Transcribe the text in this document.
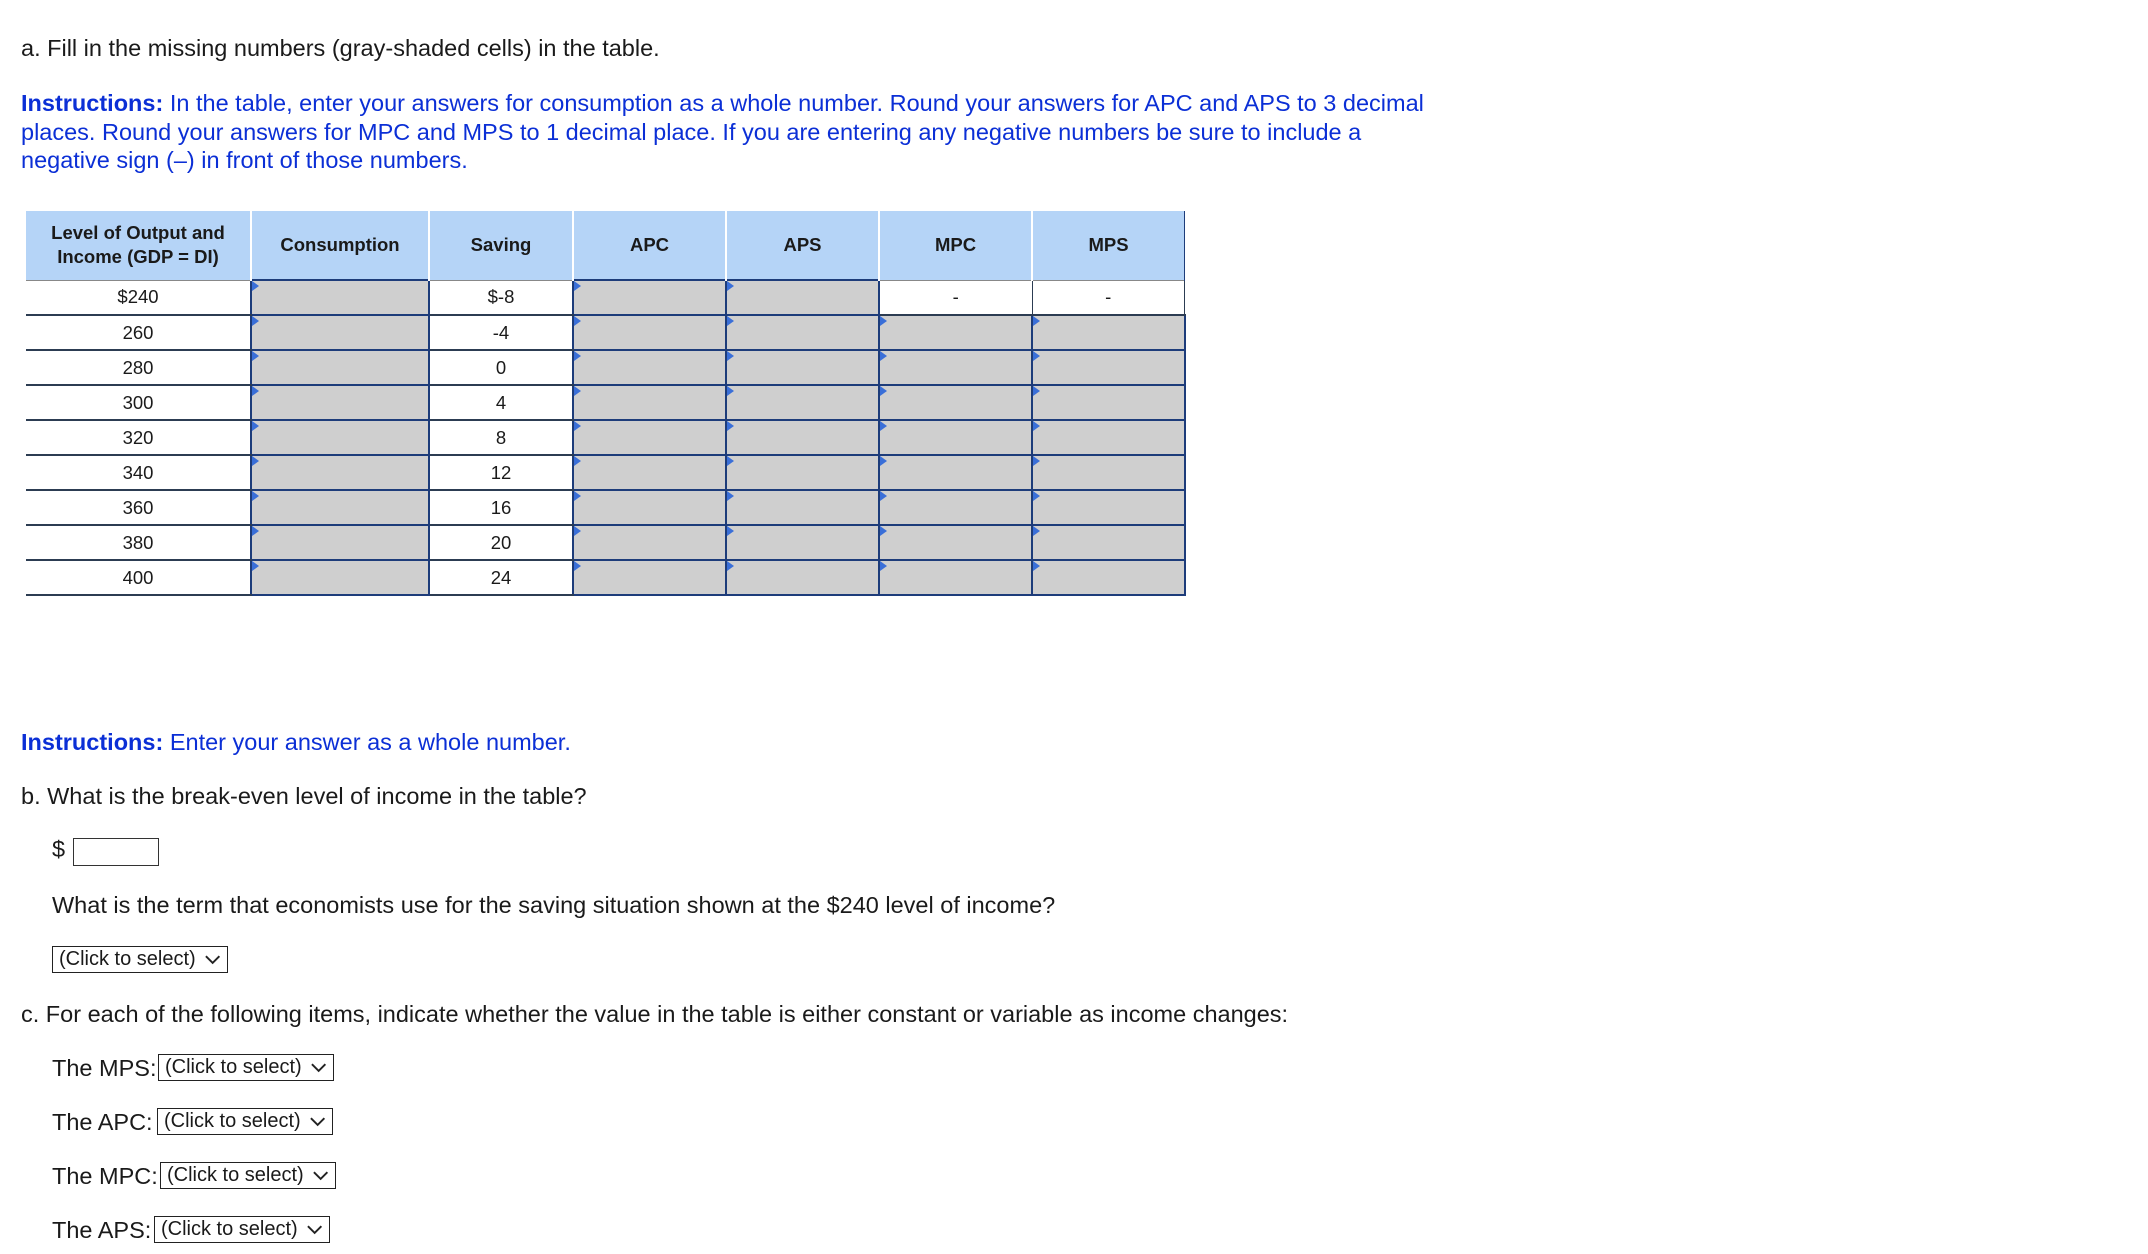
a. Fill in the missing numbers (gray-shaded cells) in the table.

Instructions: In the table, enter your answers for consumption as a whole number. Round your answers for APC and APS to 3 decimal places. Round your answers for MPC and MPS to 1 decimal place. If you are entering any negative numbers be sure to include a negative sign (–) in front of those numbers.

Level of Output and Income (GDP = DI)	Consumption	Saving	APC	APS	MPC	MPS
$240		$-8			-	-
260		-4				
280		0				
300		4				
320		8				
340		12				
360		16				
380		20				
400		24				

Instructions: Enter your answer as a whole number.

b. What is the break-even level of income in the table?

$

What is the term that economists use for the saving situation shown at the $240 level of income?

(Click to select)

c. For each of the following items, indicate whether the value in the table is either constant or variable as income changes:

The MPS: (Click to select)
The APC: (Click to select)
The MPC: (Click to select)
The APS: (Click to select)
